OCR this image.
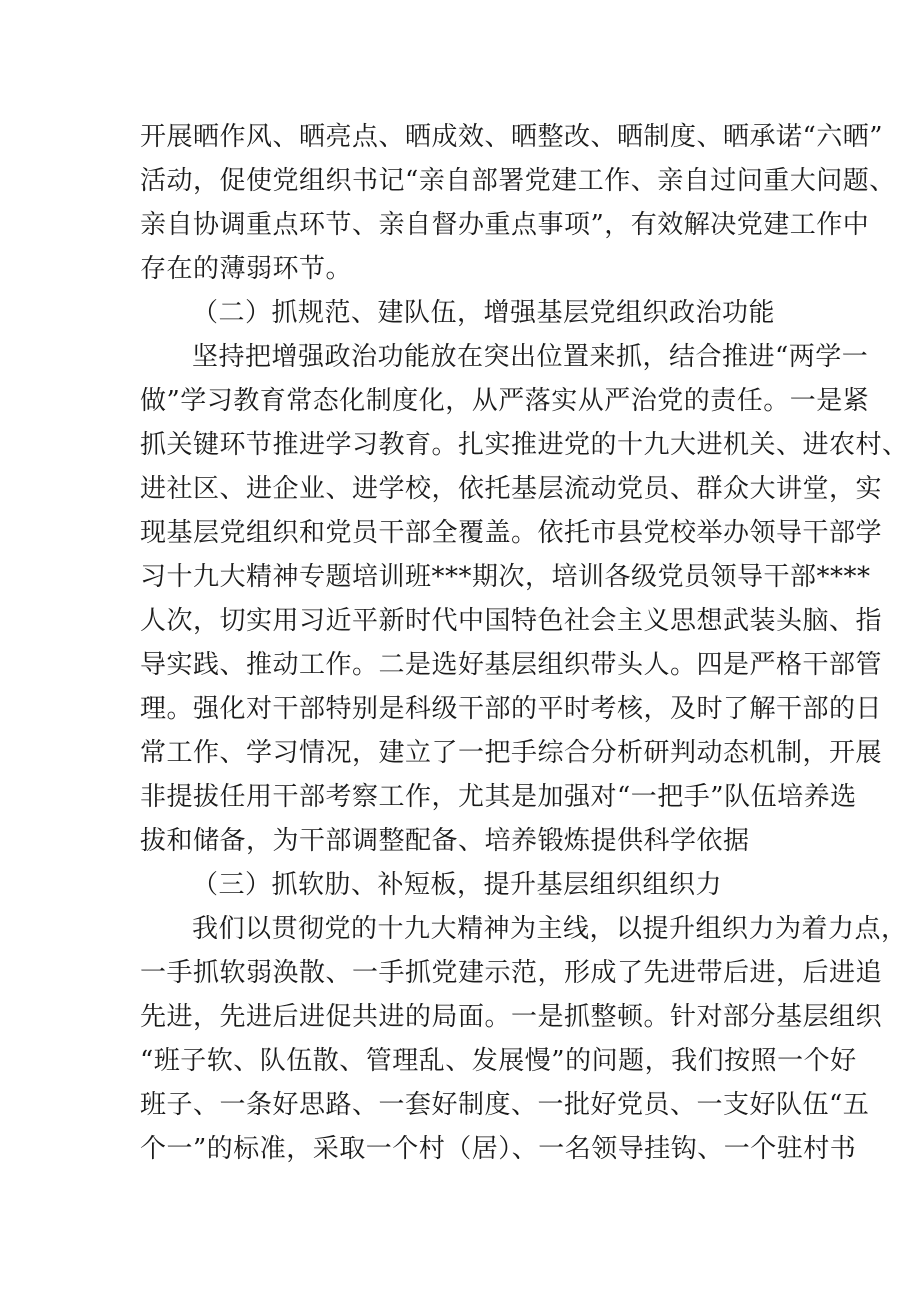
开展晒作风、晒亮点、晒成效、晒整改、晒制度、晒承诺“六晒”
活动，促使党组织书记“亲自部署党建工作、亲自过问重大问题、
亲自协调重点环节、亲自督办重点事项”，有效解决党建工作中
存在的薄弱环节。
（二）抓规范、建队伍，增强基层党组织政治功能
坚持把增强政治功能放在突出位置来抓，结合推进“两学一
做”学习教育常态化制度化，从严落实从严治党的责任。一是紧
抓关键环节推进学习教育。扎实推进党的十九大进机关、进农村、
进社区、进企业、进学校，依托基层流动党员、群众大讲堂，实
现基层党组织和党员干部全覆盖。依托市县党校举办领导干部学
习十九大精神专题培训班***期次，培训各级党员领导干部****
人次，切实用习近平新时代中国特色社会主义思想武装头脑、指
导实践、推动工作。二是选好基层组织带头人。四是严格干部管
理。强化对干部特别是科级干部的平时考核，及时了解干部的日
常工作、学习情况，建立了一把手综合分析研判动态机制，开展
非提拔任用干部考察工作，尤其是加强对“一把手”队伍培养选
拔和储备，为干部调整配备、培养锻炼提供科学依据
（三）抓软肋、补短板，提升基层组织组织力
我们以贯彻党的十九大精神为主线，以提升组织力为着力点，
一手抓软弱涣散、一手抓党建示范，形成了先进带后进，后进追
先进，先进后进促共进的局面。一是抓整顿。针对部分基层组织
“班子软、队伍散、管理乱、发展慢”的问题，我们按照一个好
班子、一条好思路、一套好制度、一批好党员、一支好队伍“五
个一”的标准，采取一个村（居）、一名领导挂钩、一个驻村书
